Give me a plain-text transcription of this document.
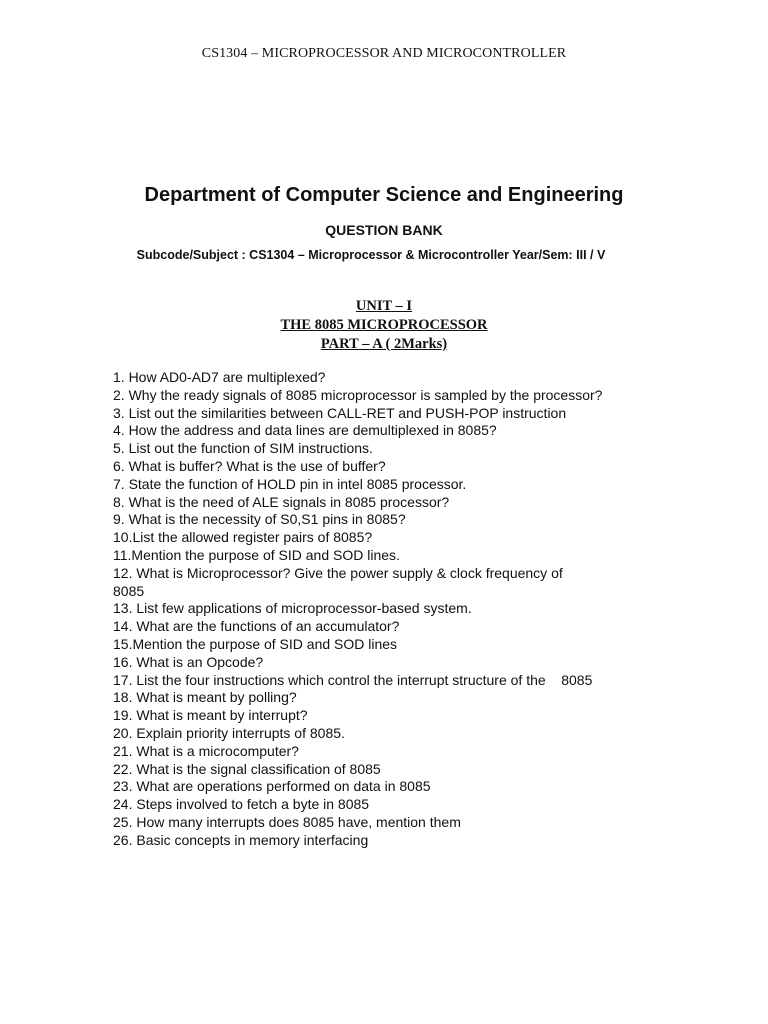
CS1304 – MICROPROCESSOR AND MICROCONTROLLER
Department of Computer Science and Engineering
QUESTION BANK
Subcode/Subject : CS1304 – Microprocessor & Microcontroller Year/Sem: III / V
UNIT – I
THE 8085 MICROPROCESSOR
PART – A ( 2Marks)
1. How AD0-AD7 are multiplexed?
2. Why the ready signals of 8085 microprocessor is sampled by the processor?
3. List out the similarities between CALL-RET and PUSH-POP instruction
4. How the address and data lines are demultiplexed in 8085?
5. List out the function of SIM instructions.
6. What is buffer? What is the use of buffer?
7. State the function of HOLD pin in intel 8085 processor.
8. What is the need of ALE signals in 8085 processor?
9. What is the necessity of S0,S1 pins in 8085?
10.List the allowed register pairs of 8085?
11.Mention the purpose of SID and SOD lines.
12. What is Microprocessor? Give the power supply & clock frequency of
8085
13. List few applications of microprocessor-based system.
14. What are the functions of an accumulator?
15.Mention the purpose of SID and SOD lines
16. What is an Opcode?
17. List the four instructions which control the interrupt structure of the    8085
18. What is meant by polling?
19. What is meant by interrupt?
20. Explain priority interrupts of 8085.
21. What is a microcomputer?
22. What is the signal classification of 8085
23. What are operations performed on data in 8085
24. Steps involved to fetch a byte in 8085
25. How many interrupts does 8085 have, mention them
26. Basic concepts in memory interfacing
